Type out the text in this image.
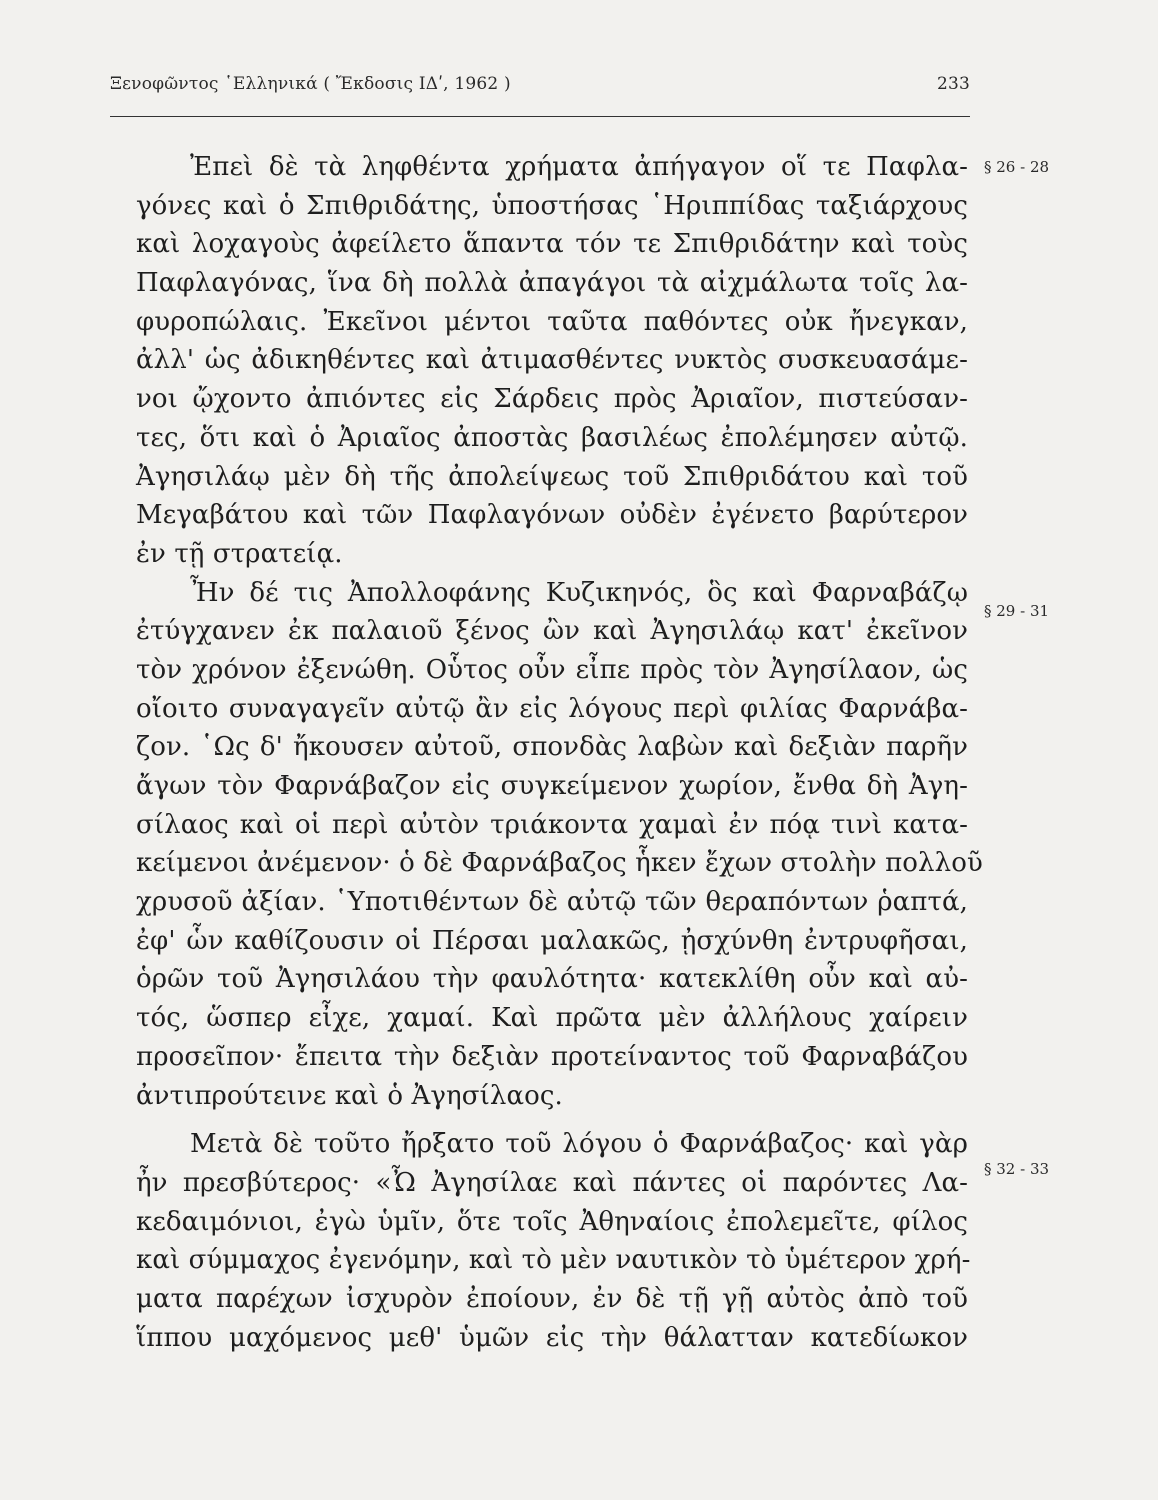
Ξενοφῶντος ῾Ελληνικά ( Ἔκδοσις ΙΔʹ, 1962 )	233
Ἐπεὶ δὲ τὰ ληφθέντα χρήματα ἀπήγαγον οἵ τε Παφλα-
γόνες καὶ ὁ Σπιθριδάτης, ὑποστήσας ῾Ηριππίδας ταξιάρχους
καὶ λοχαγοὺς ἀφείλετο ἅπαντα τόν τε Σπιθριδάτην καὶ τοὺς
Παφλαγόνας, ἵνα δὴ πολλὰ ἀπαγάγοι τὰ αἰχμάλωτα τοῖς λα-
φυροπώλαις. Ἐκεῖνοι μέντοι ταῦτα παθόντες οὐκ ἤνεγκαν,
ἀλλ' ὡς ἀδικηθέντες καὶ ἀτιμασθέντες νυκτὸς συσκευασάμε-
νοι ᾤχοντο ἀπιόντες εἰς Σάρδεις πρὸς Ἀριαῖον, πιστεύσαν-
τες, ὅτι καὶ ὁ Ἀριαῖος ἀποστὰς βασιλέως ἐπολέμησεν αὐτῷ.
Ἀγησιλάῳ μὲν δὴ τῆς ἀπολείψεως τοῦ Σπιθριδάτου καὶ τοῦ
Μεγαβάτου καὶ τῶν Παφλαγόνων οὐδὲν ἐγένετο βαρύτερον
ἐν τῇ στρατείᾳ.
Ἦν δέ τις Ἀπολλοφάνης Κυζικηνός, ὃς καὶ Φαρναβάζῳ
ἐτύγχανεν ἐκ παλαιοῦ ξένος ὢν καὶ Ἀγησιλάῳ κατ' ἐκεῖνον
τὸν χρόνον ἐξενώθη. Οὗτος οὖν εἶπε πρὸς τὸν Ἀγησίλαον, ὡς
οἴοιτο συναγαγεῖν αὐτῷ ἂν εἰς λόγους περὶ φιλίας Φαρνάβα-
ζον. ῾Ως δ' ἤκουσεν αὐτοῦ, σπονδὰς λαβὼν καὶ δεξιὰν παρῆν
ἄγων τὸν Φαρνάβαζον εἰς συγκείμενον χωρίον, ἔνθα δὴ Ἀγη-
σίλαος καὶ οἱ περὶ αὐτὸν τριάκοντα χαμαὶ ἐν πόᾳ τινὶ κατα-
κείμενοι ἀνέμενον· ὁ δὲ Φαρνάβαζος ἧκεν ἔχων στολὴν πολλοῦ
χρυσοῦ ἀξίαν. ῾Υποτιθέντων δὲ αὐτῷ τῶν θεραπόντων ῥαπτά,
ἐφ' ὧν καθίζουσιν οἱ Πέρσαι μαλακῶς, ᾐσχύνθη ἐντρυφῆσαι,
ὁρῶν τοῦ Ἀγησιλάου τὴν φαυλότητα· κατεκλίθη οὖν καὶ αὐ-
τός, ὥσπερ εἶχε, χαμαί. Καὶ πρῶτα μὲν ἀλλήλους χαίρειν
προσεῖπον· ἔπειτα τὴν δεξιὰν προτείναντος τοῦ Φαρναβάζου
ἀντιπρούτεινε καὶ ὁ Ἀγησίλαος.
Μετὰ δὲ τοῦτο ἤρξατο τοῦ λόγου ὁ Φαρνάβαζος· καὶ γὰρ
ἦν πρεσβύτερος· «Ὦ Ἀγησίλαε καὶ πάντες οἱ παρόντες Λα-
κεδαιμόνιοι, ἐγὼ ὑμῖν, ὅτε τοῖς Ἀθηναίοις ἐπολεμεῖτε, φίλος
καὶ σύμμαχος ἐγενόμην, καὶ τὸ μὲν ναυτικὸν τὸ ὑμέτερον χρή-
ματα παρέχων ἰσχυρὸν ἐποίουν, ἐν δὲ τῇ γῇ αὐτὸς ἀπὸ τοῦ
ἵππου μαχόμενος μεθ' ὑμῶν εἰς τὴν θάλατταν κατεδίωκον
§ 26 - 28
§ 29 - 31
§ 32 - 33
